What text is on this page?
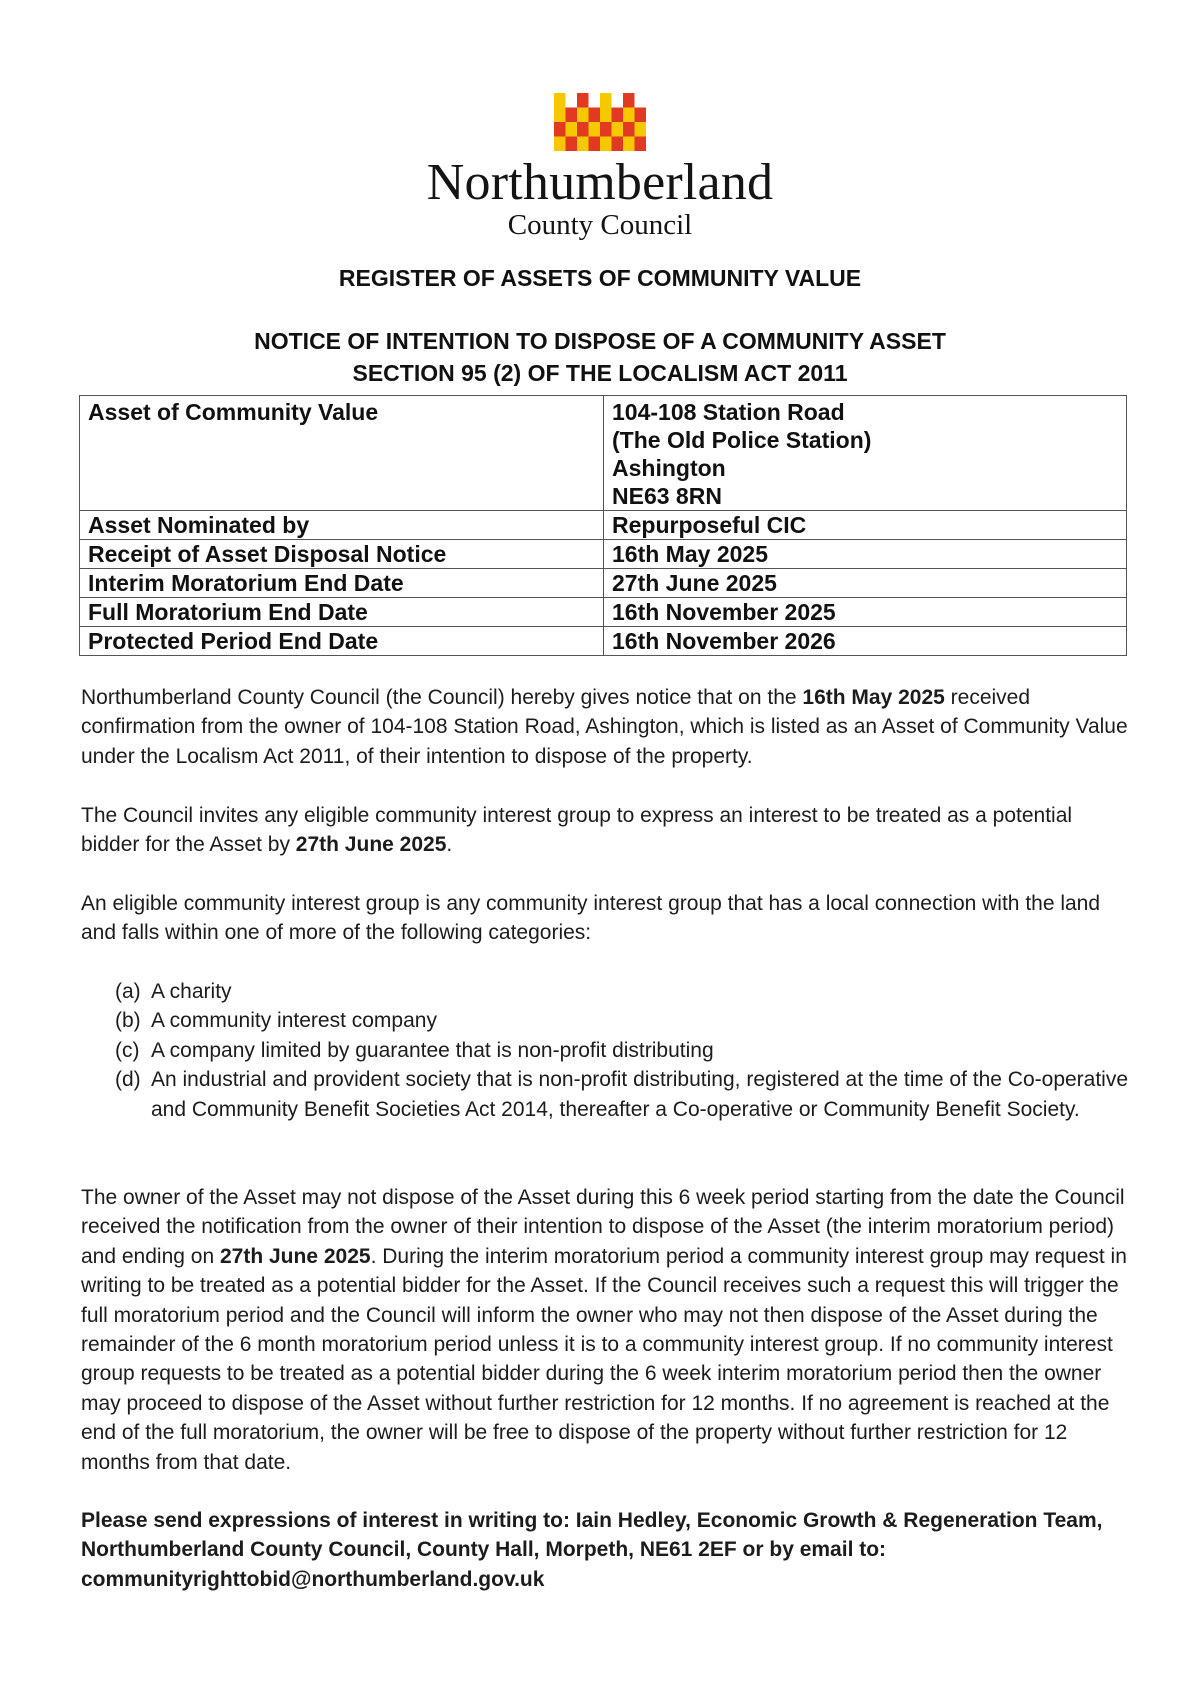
Northumberland
County Council
REGISTER OF ASSETS OF COMMUNITY VALUE
NOTICE OF INTENTION TO DISPOSE OF A COMMUNITY ASSET
SECTION 95 (2) OF THE LOCALISM ACT 2011
Asset of Community Value	104-108 Station Road
(The Old Police Station)
Ashington
NE63 8RN

Asset Nominated by	Repurposeful CIC
Receipt of Asset Disposal Notice	16th May 2025
Interim Moratorium End Date	27th June 2025
Full Moratorium End Date	16th November 2025
Protected Period End Date	16th November 2026

Northumberland County Council (the Council) hereby gives notice that on the 16th May 2025 received confirmation from the owner of 104-108 Station Road, Ashington, which is listed as an Asset of Community Value under the Localism Act 2011, of their intention to dispose of the property.

The Council invites any eligible community interest group to express an interest to be treated as a potential bidder for the Asset by 27th June 2025.

An eligible community interest group is any community interest group that has a local connection with the land and falls within one of more of the following categories:

(a) A charity
(b) A community interest company
(c) A company limited by guarantee that is non-profit distributing
(d) An industrial and provident society that is non-profit distributing, registered at the time of the Co-operative and Community Benefit Societies Act 2014, thereafter a Co-operative or Community Benefit Society.

The owner of the Asset may not dispose of the Asset during this 6 week period starting from the date the Council received the notification from the owner of their intention to dispose of the Asset (the interim moratorium period) and ending on 27th June 2025. During the interim moratorium period a community interest group may request in writing to be treated as a potential bidder for the Asset. If the Council receives such a request this will trigger the full moratorium period and the Council will inform the owner who may not then dispose of the Asset during the remainder of the 6 month moratorium period unless it is to a community interest group. If no community interest group requests to be treated as a potential bidder during the 6 week interim moratorium period then the owner may proceed to dispose of the Asset without further restriction for 12 months. If no agreement is reached at the end of the full moratorium, the owner will be free to dispose of the property without further restriction for 12 months from that date.

Please send expressions of interest in writing to: Iain Hedley, Economic Growth & Regeneration Team, Northumberland County Council, County Hall, Morpeth, NE61 2EF or by email to: communityrighttobid@northumberland.gov.uk
